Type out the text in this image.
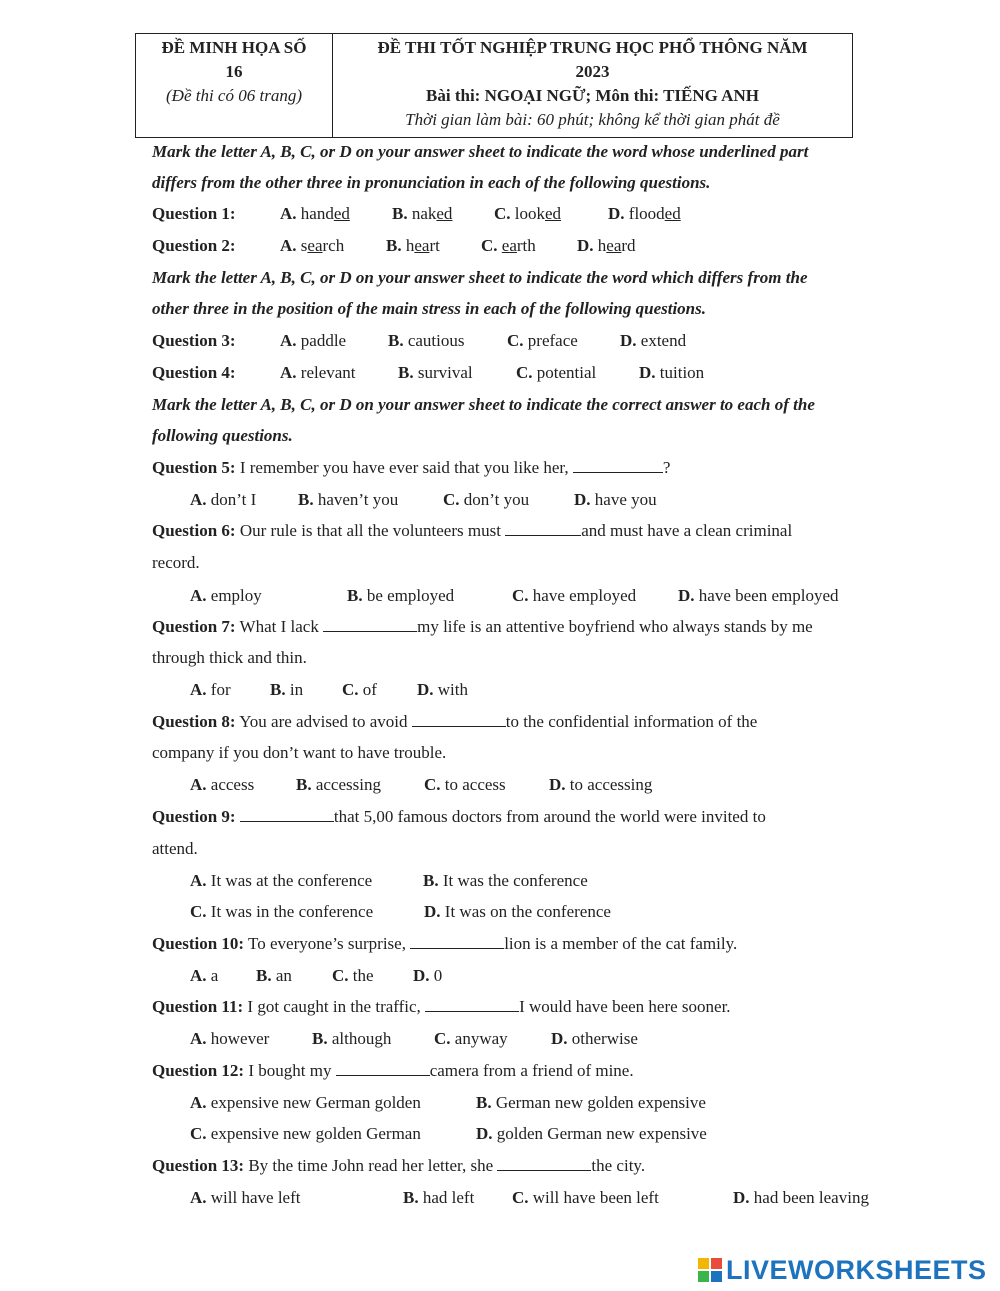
ĐỀ MINH HỌA SỐ
16
(Đề thi có 06 trang)
ĐỀ THI TỐT NGHIỆP TRUNG HỌC PHỔ THÔNG NĂM
2023
Bài thi: NGOẠI NGỮ; Môn thi: TIẾNG ANH
Thời gian làm bài: 60 phút; không kể thời gian phát đề
Mark the letter A, B, C, or D on your answer sheet to indicate the word whose underlined part
differs from the other three in pronunciation in each of the following questions.
Question 1:	A. handed B. naked C. looked	D. flooded
Question 2:	A. search B. heart C. earth D. heard
Mark the letter A, B, C, or D on your answer sheet to indicate the word which differs from the
other three in the position of the main stress in each of the following questions.
Question 3:	A. paddle B. cautious	C. preface D. extend
Question 4:	A. relevant B. survival	C. potential	D. tuition
Mark the letter A, B, C, or D on your answer sheet to indicate the correct answer to each of the
following questions.
Question 5: I remember you have ever said that you like her,	?
A. don’t I B. haven’t you	C. don’t you	D. have you
Question 6: Our rule is that all the volunteers must	and must have a clean criminal
record.
A. employ	B. be employed	C. have employed D. have been employed
Question 7: What I lack	my life is an attentive boyfriend who always stands by me
through thick and thin.
A. for B. in C. of D. with
Question 8: You are advised to avoid	to the confidential information of the
company if you don’t want to have trouble.
A. access B. accessing	C. to access	D. to accessing
Question 9:	that 5,00 famous doctors from around the world were invited to
attend.
A. It was at the conference	B. It was the conference
C. It was in the conference	D. It was on the conference
Question 10: To everyone’s surprise,	lion is a member of the cat family.
A. a B. an C. the D. 0
Question 11: I got caught in the traffic,	I would have been here sooner.
A. however	B. although	C. anyway	D. otherwise
Question 12: I bought my	camera from a friend of mine.
A. expensive new German golden	B. German new golden expensive
C. expensive new golden German	D. golden German new expensive
Question 13: By the time John read her letter, she	the city.
A. will have left	B. had left C. will have been left	D. had been leaving
LIVEWORKSHEETS
